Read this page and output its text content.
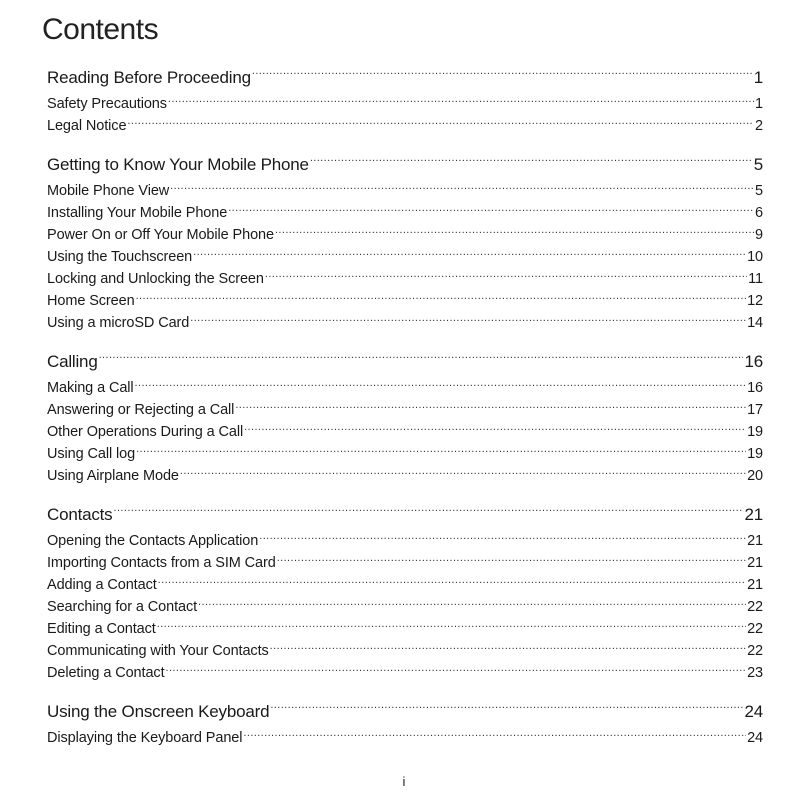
Contents
Reading Before Proceeding .....	1
Safety Precautions .....	1
Legal Notice .....	2
Getting to Know Your Mobile Phone .....	5
Mobile Phone View .....	5
Installing Your Mobile Phone .....	6
Power On or Off Your Mobile Phone .....	9
Using the Touchscreen .....	10
Locking and Unlocking the Screen .....	11
Home Screen .....	12
Using a microSD Card .....	14
Calling .....	16
Making a Call .....	16
Answering or Rejecting a Call .....	17
Other Operations During a Call .....	19
Using Call log .....	19
Using Airplane Mode .....	20
Contacts .....	21
Opening the Contacts Application .....	21
Importing Contacts from a SIM Card .....	21
Adding a Contact .....	21
Searching for a Contact .....	22
Editing a Contact .....	22
Communicating with Your Contacts .....	22
Deleting a Contact .....	23
Using the Onscreen Keyboard .....	24
Displaying the Keyboard Panel .....	24
i
